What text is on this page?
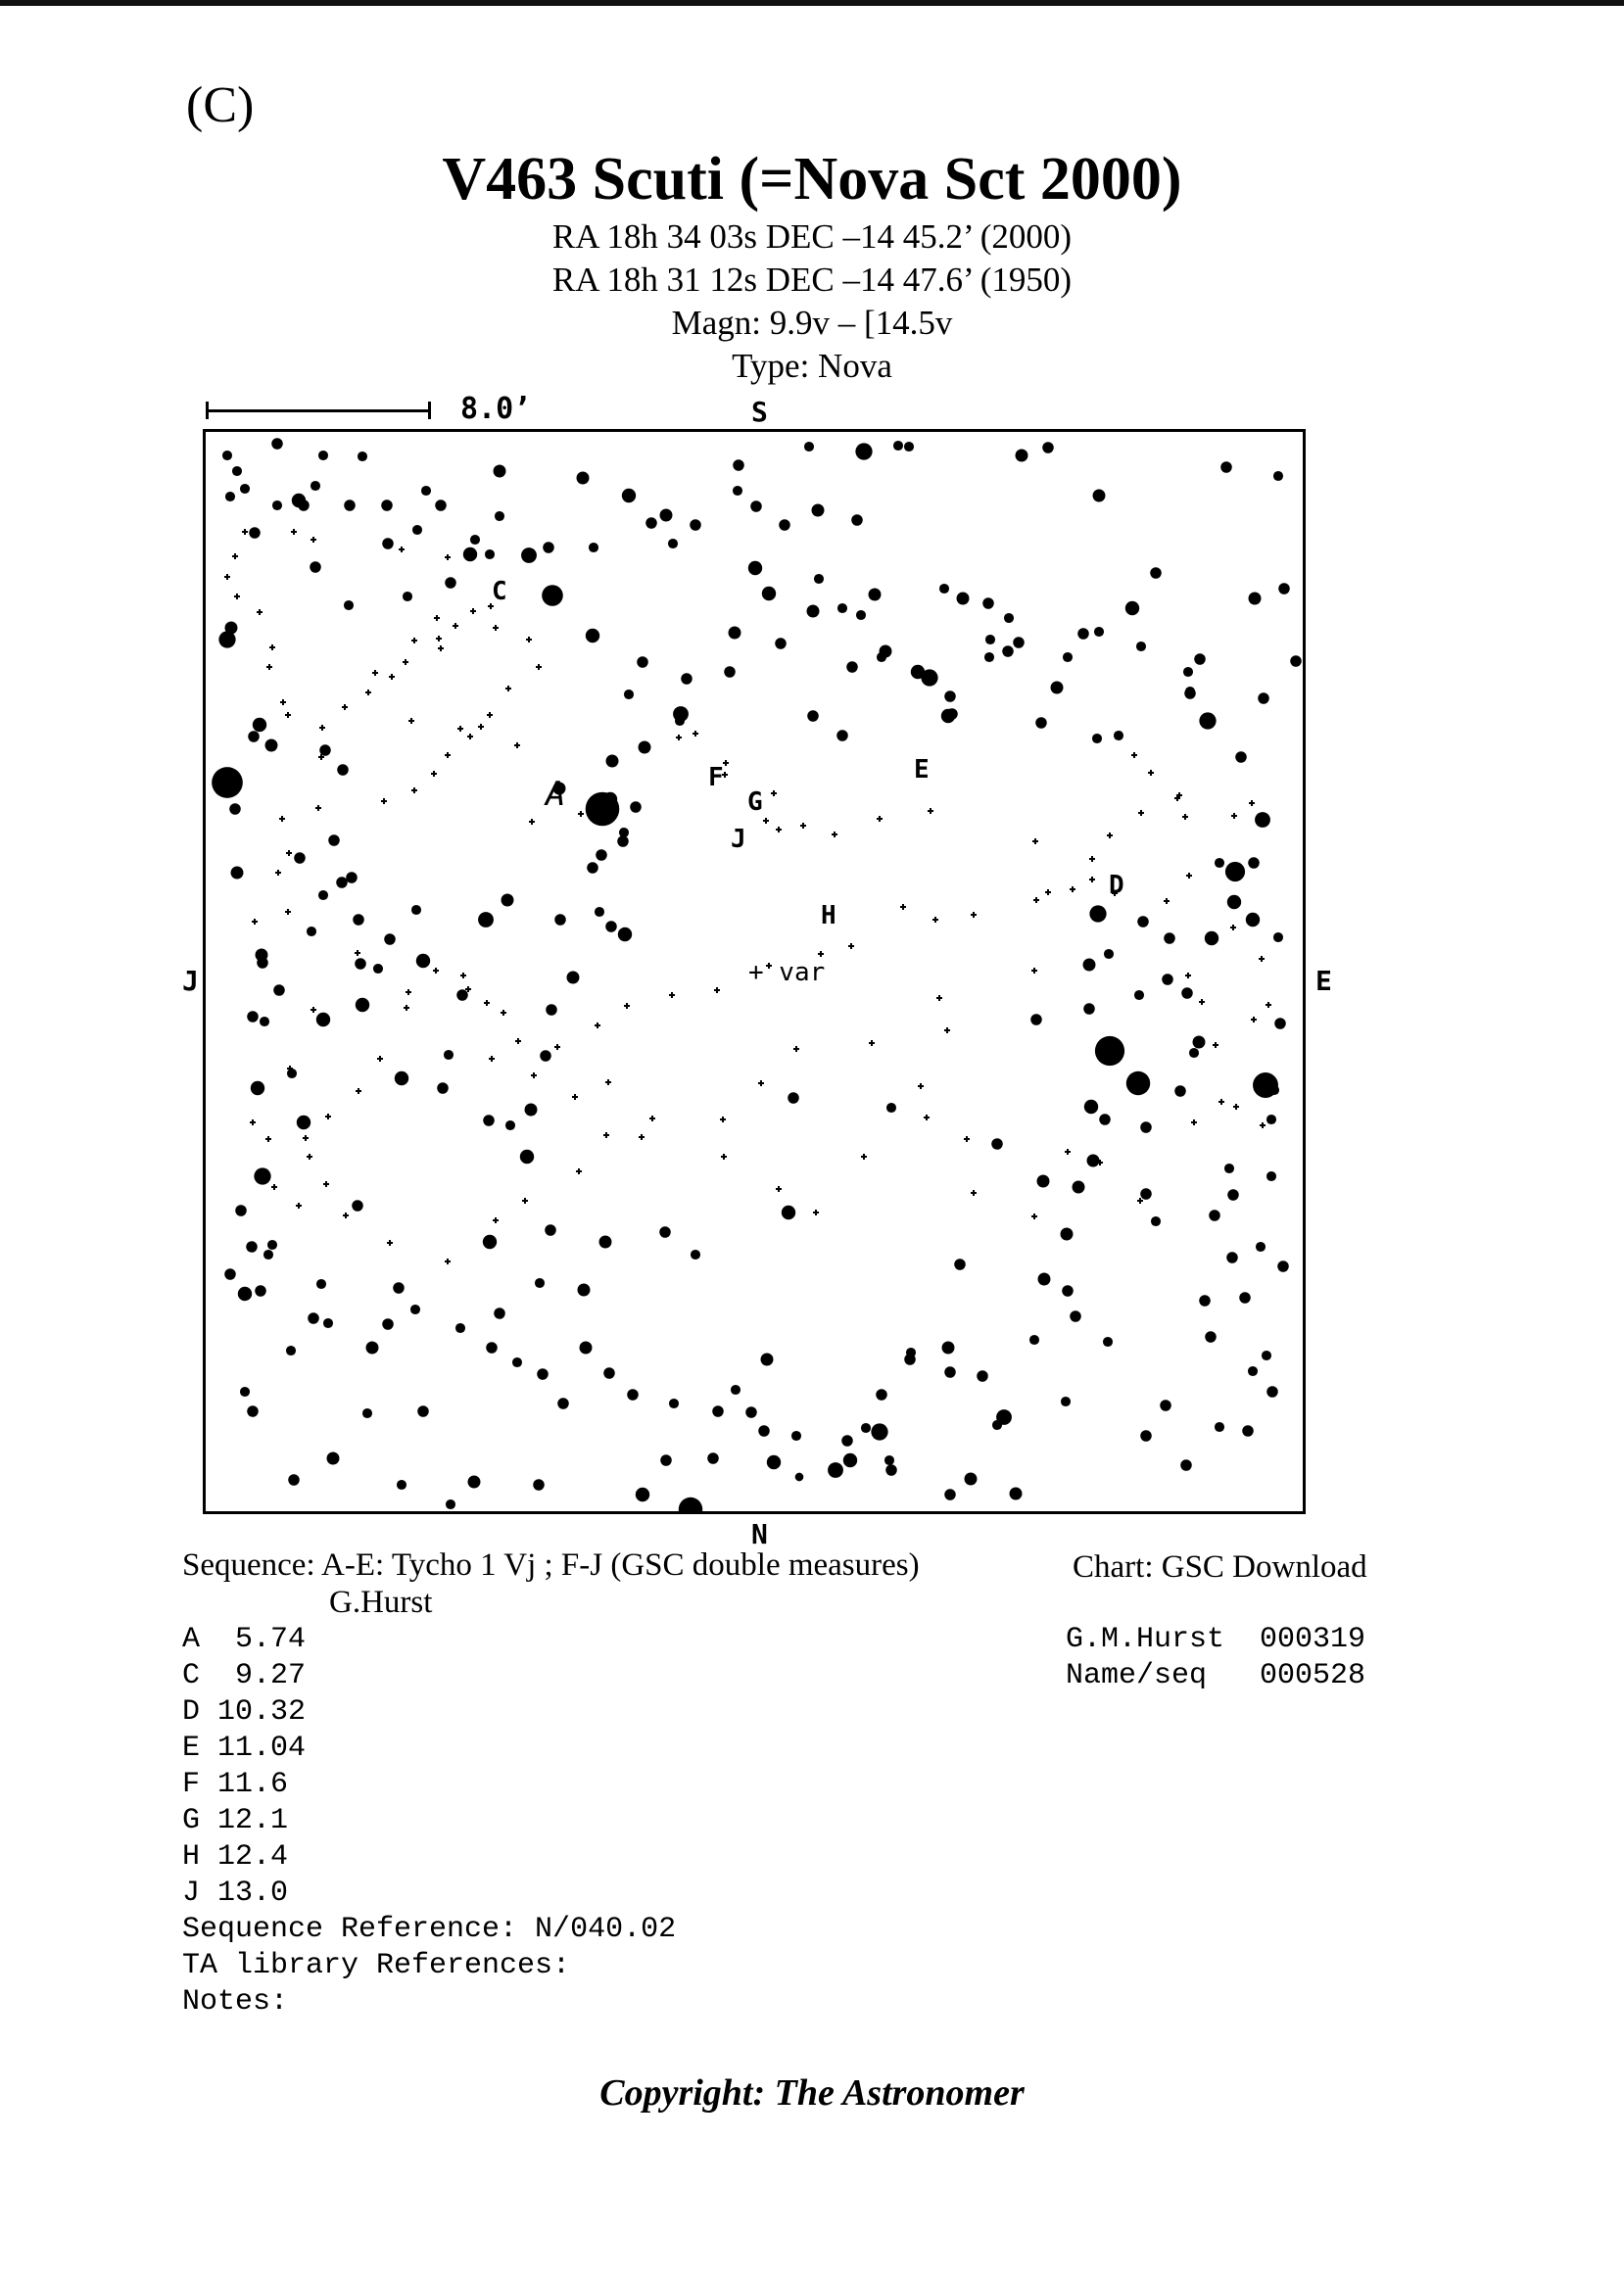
(C)
V463 Scuti (=Nova Sct 2000)
RA 18h 34 03s DEC –14 45.2’ (2000)
RA 18h 31 12s DEC –14 47.6’ (1950)
Magn: 9.9v – [14.5v
Type: Nova
8.0’	S
N
J	E
C
A	F
G
J
H
E
D
+ var
Sequence: A-E: Tycho 1 Vj ; F-J (GSC double measures)
G.Hurst
Chart: GSC Download
A  5.74
C  9.27
D 10.32
E 11.04
F 11.6
G 12.1
H 12.4
J 13.0
Sequence Reference: N/040.02
TA library References:
Notes:
G.M.Hurst  000319
Name/seq   000528
Copyright: The Astronomer
